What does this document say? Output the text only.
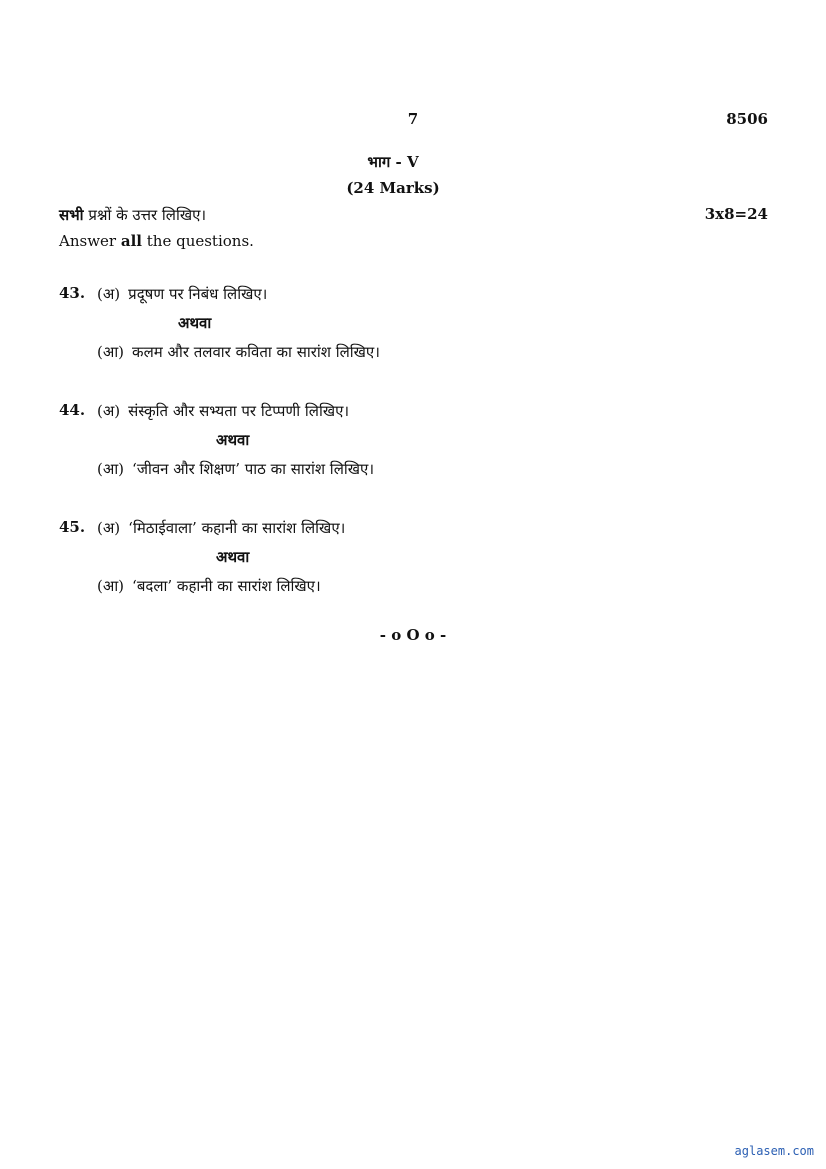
7	8506
भाग - V
(24 Marks)
सभी प्रश्नों के उत्तर लिखिए।	3x8=24
Answer all the questions.
43. (अ) प्रदूषण पर निबंध लिखिए।
अथवा
(आ) कलम और तलवार कविता का सारांश लिखिए।
44. (अ) संस्कृति और सभ्यता पर टिप्पणी लिखिए।
अथवा
(आ) ‘जीवन और शिक्षण’ पाठ का सारांश लिखिए।
45. (अ) ‘मिठाईवाला’ कहानी का सारांश लिखिए।
अथवा
(आ) ‘बदला’ कहानी का सारांश लिखिए।
- o O o -
aglasem.com
